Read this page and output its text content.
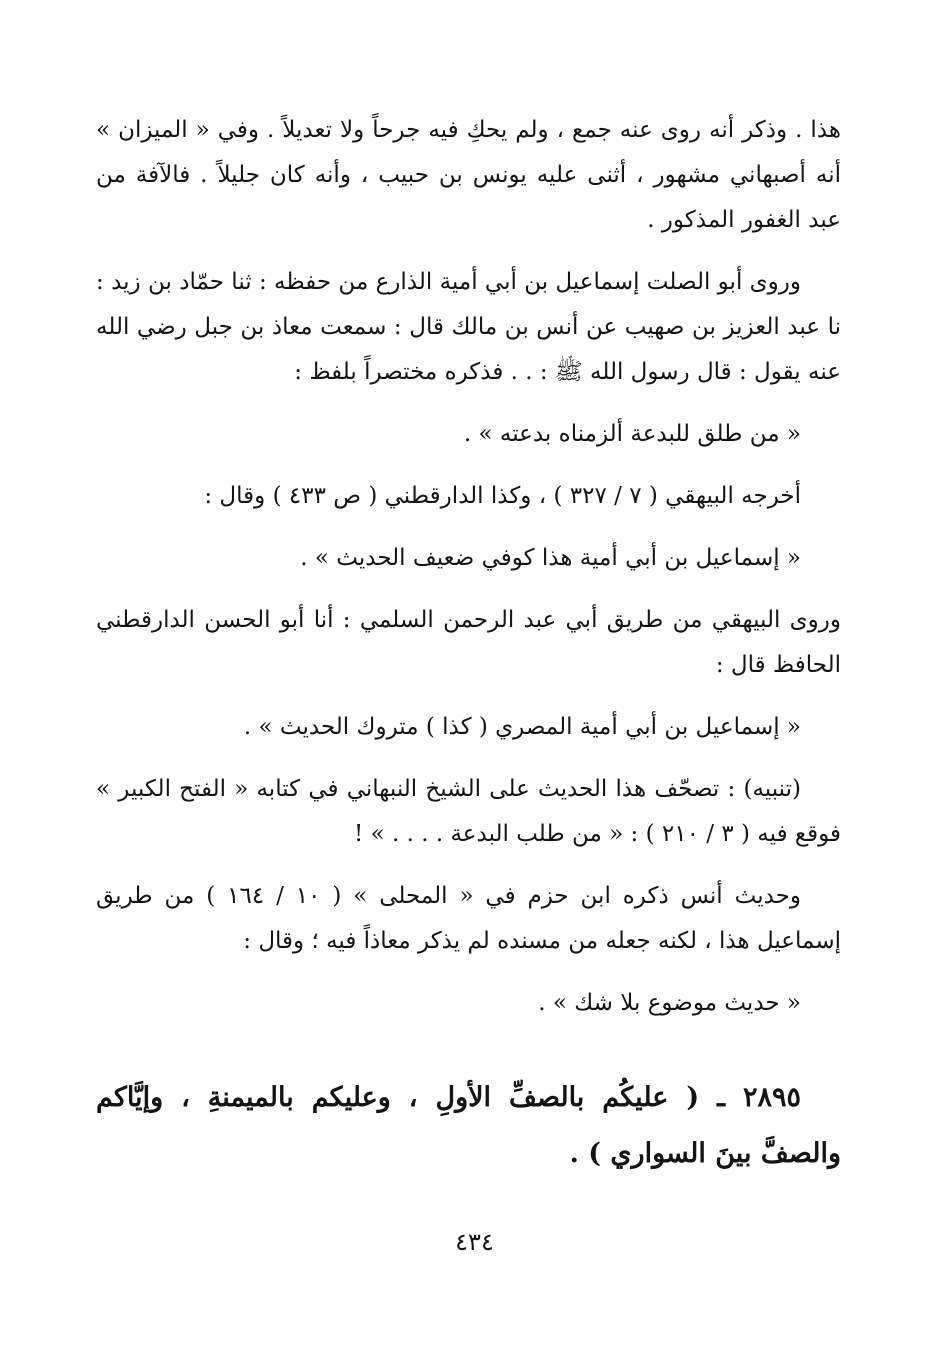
هذا . وذكر أنه روى عنه جمع ، ولم يحكِ فيه جرحاً ولا تعديلاً . وفي « الميزان » أنه أصبهاني مشهور ، أثنى عليه يونس بن حبيب ، وأنه كان جليلاً . فالآفة من عبد الغفور المذكور .

وروى أبو الصلت إسماعيل بن أبي أمية الذارع من حفظه : ثنا حمّاد بن زيد : نا عبد العزيز بن صهيب عن أنس بن مالك قال : سمعت معاذ بن جبل رضي الله عنه يقول : قال رسول الله ﷺ : . . فذكره مختصراً بلفظ :

« من طلق للبدعة ألزمناه بدعته » .

أخرجه البيهقي ( ٧ / ٣٢٧ ) ، وكذا الدارقطني ( ص ٤٣٣ ) وقال :

« إسماعيل بن أبي أمية هذا كوفي ضعيف الحديث » .

وروى البيهقي من طريق أبي عبد الرحمن السلمي : أنا أبو الحسن الدارقطني الحافظ قال :

« إسماعيل بن أبي أمية المصري ( كذا ) متروك الحديث » .

(تنبيه) : تصحّف هذا الحديث على الشيخ النبهاني في كتابه « الفتح الكبير » فوقع فيه ( ٣ / ٢١٠ ) : « من طلب البدعة . . . . » !

وحديث أنس ذكره ابن حزم في « المحلى » ( ١٠ / ١٦٤ ) من طريق إسماعيل هذا ، لكنه جعله من مسنده لم يذكر معاذاً فيه ؛ وقال :

« حديث موضوع بلا شك » .

٢٨٩٥ ـ ( عليكُم بالصفِّ الأولِ ، وعليكم بالميمنةِ ، وإيَّاكم والصفَّ بينَ السواري ) .

٤٣٤
